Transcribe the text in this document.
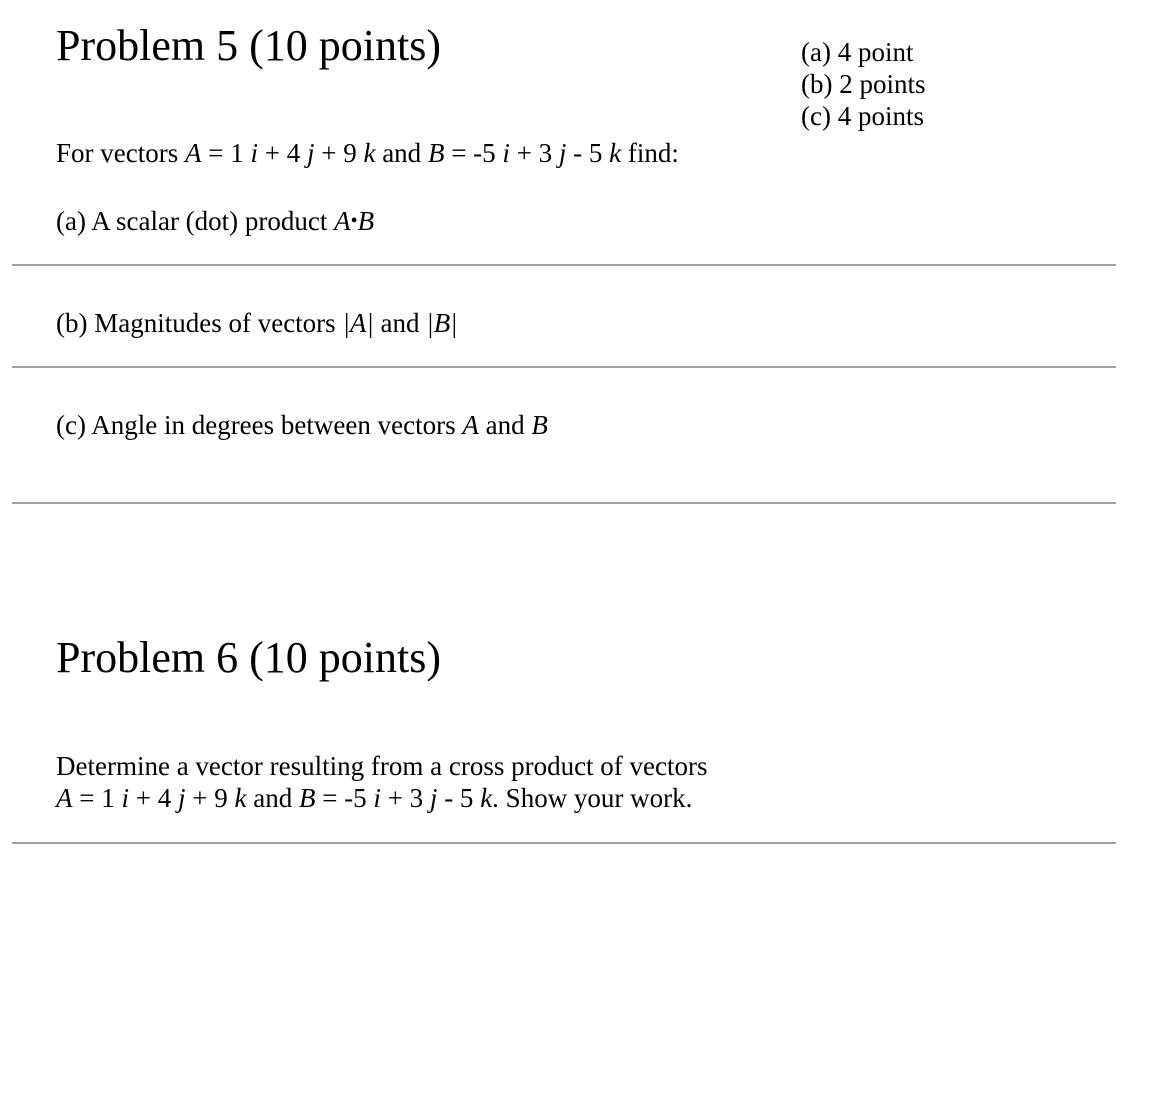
Problem 5 (10 points)	(a) 4 point
(b) 2 points
(c) 4 points
For vectors A = 1 i + 4 j + 9 k and B = -5 i + 3 j - 5 k find:
(a) A scalar (dot) product A•B
(b) Magnitudes of vectors |A| and |B|
(c) Angle in degrees between vectors A and B
Problem 6 (10 points)
Determine a vector resulting from a cross product of vectors
A = 1 i + 4 j + 9 k and B = -5 i + 3 j - 5 k. Show your work.
